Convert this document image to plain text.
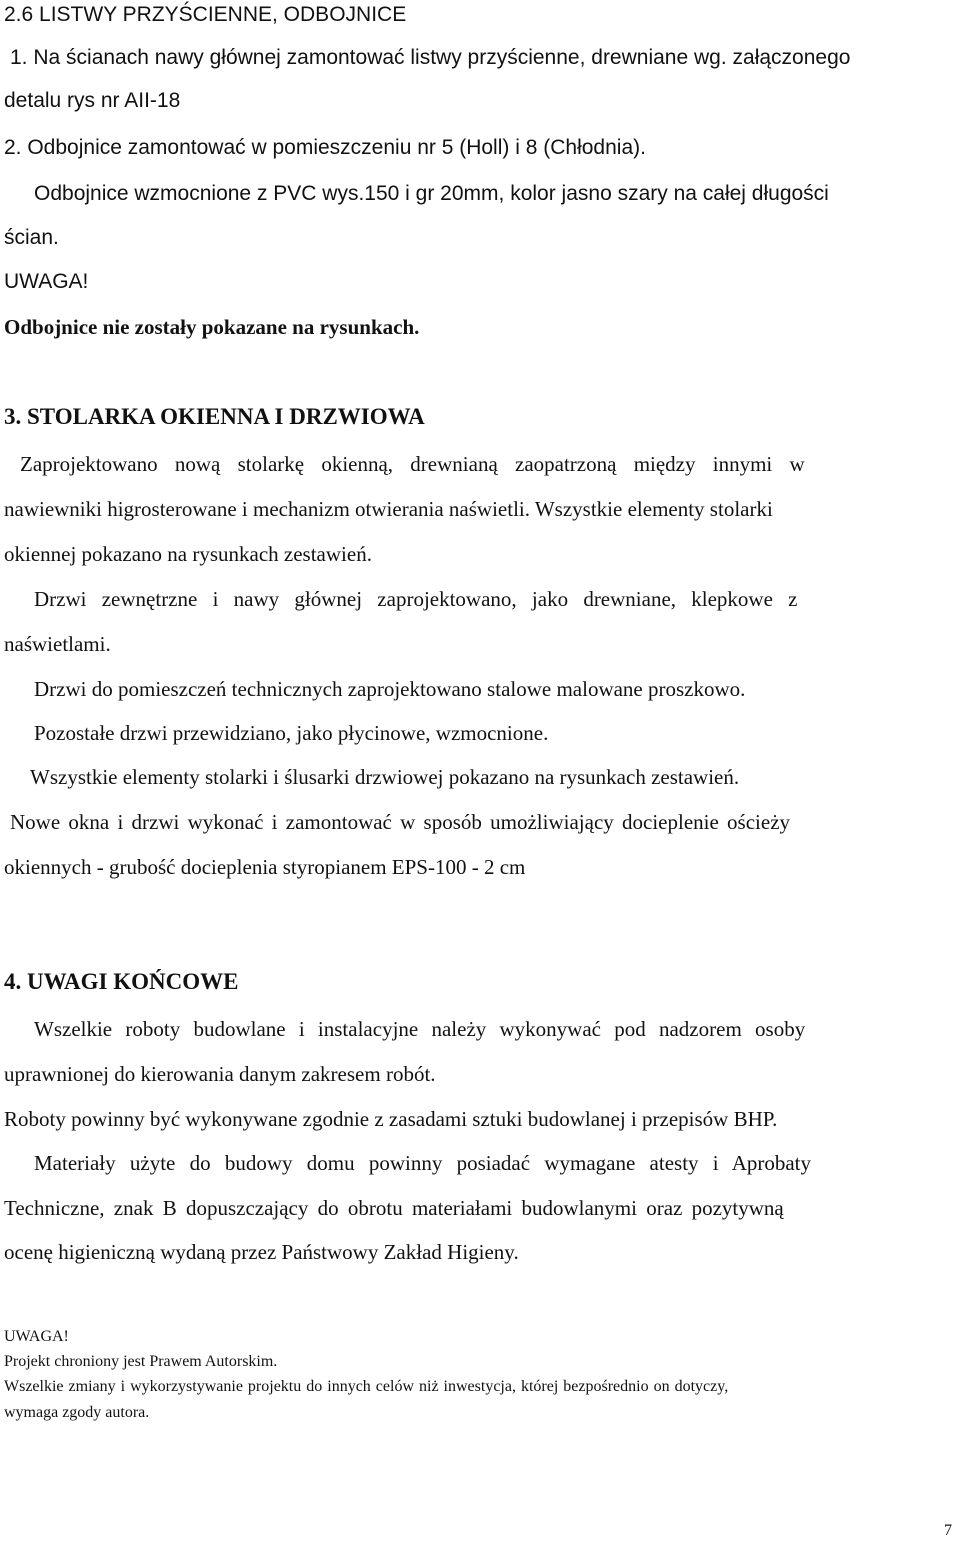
2.6 LISTWY PRZYŚCIENNE, ODBOJNICE
1. Na ścianach nawy głównej zamontować listwy przyścienne, drewniane wg. załączonego
detalu rys nr AII-18
2. Odbojnice zamontować w pomieszczeniu nr 5 (Holl) i 8 (Chłodnia).
Odbojnice wzmocnione z PVC wys.150 i gr 20mm, kolor jasno szary na całej długości
ścian.
UWAGA!
Odbojnice nie zostały pokazane na rysunkach.
3. STOLARKA OKIENNA I DRZWIOWA
Zaprojektowano nową stolarkę okienną, drewnianą zaopatrzoną między innymi w
nawiewniki higrosterowane i mechanizm otwierania naświetli. Wszystkie elementy stolarki
okiennej pokazano na rysunkach zestawień.
Drzwi zewnętrzne i nawy głównej zaprojektowano, jako drewniane, klepkowe z
naświetlami.
Drzwi do pomieszczeń technicznych zaprojektowano stalowe malowane proszkowo.
Pozostałe drzwi przewidziano, jako płycinowe, wzmocnione.
Wszystkie elementy stolarki i ślusarki drzwiowej pokazano na rysunkach zestawień.
Nowe okna i drzwi wykonać i zamontować w sposób umożliwiający docieplenie ościeży
okiennych - grubość docieplenia styropianem EPS-100 - 2 cm
4. UWAGI KOŃCOWE
Wszelkie roboty budowlane i instalacyjne należy wykonywać pod nadzorem osoby
uprawnionej do kierowania danym zakresem robót.
Roboty powinny być wykonywane zgodnie z zasadami sztuki budowlanej i przepisów BHP.
Materiały użyte do budowy domu powinny posiadać wymagane atesty i Aprobaty
Techniczne, znak B dopuszczający do obrotu materiałami budowlanymi oraz pozytywną
ocenę higieniczną wydaną przez Państwowy Zakład Higieny.
UWAGA!
Projekt chroniony jest Prawem Autorskim.
Wszelkie zmiany i wykorzystywanie projektu do innych celów niż inwestycja, której bezpośrednio on dotyczy,
wymaga zgody autora.
7
